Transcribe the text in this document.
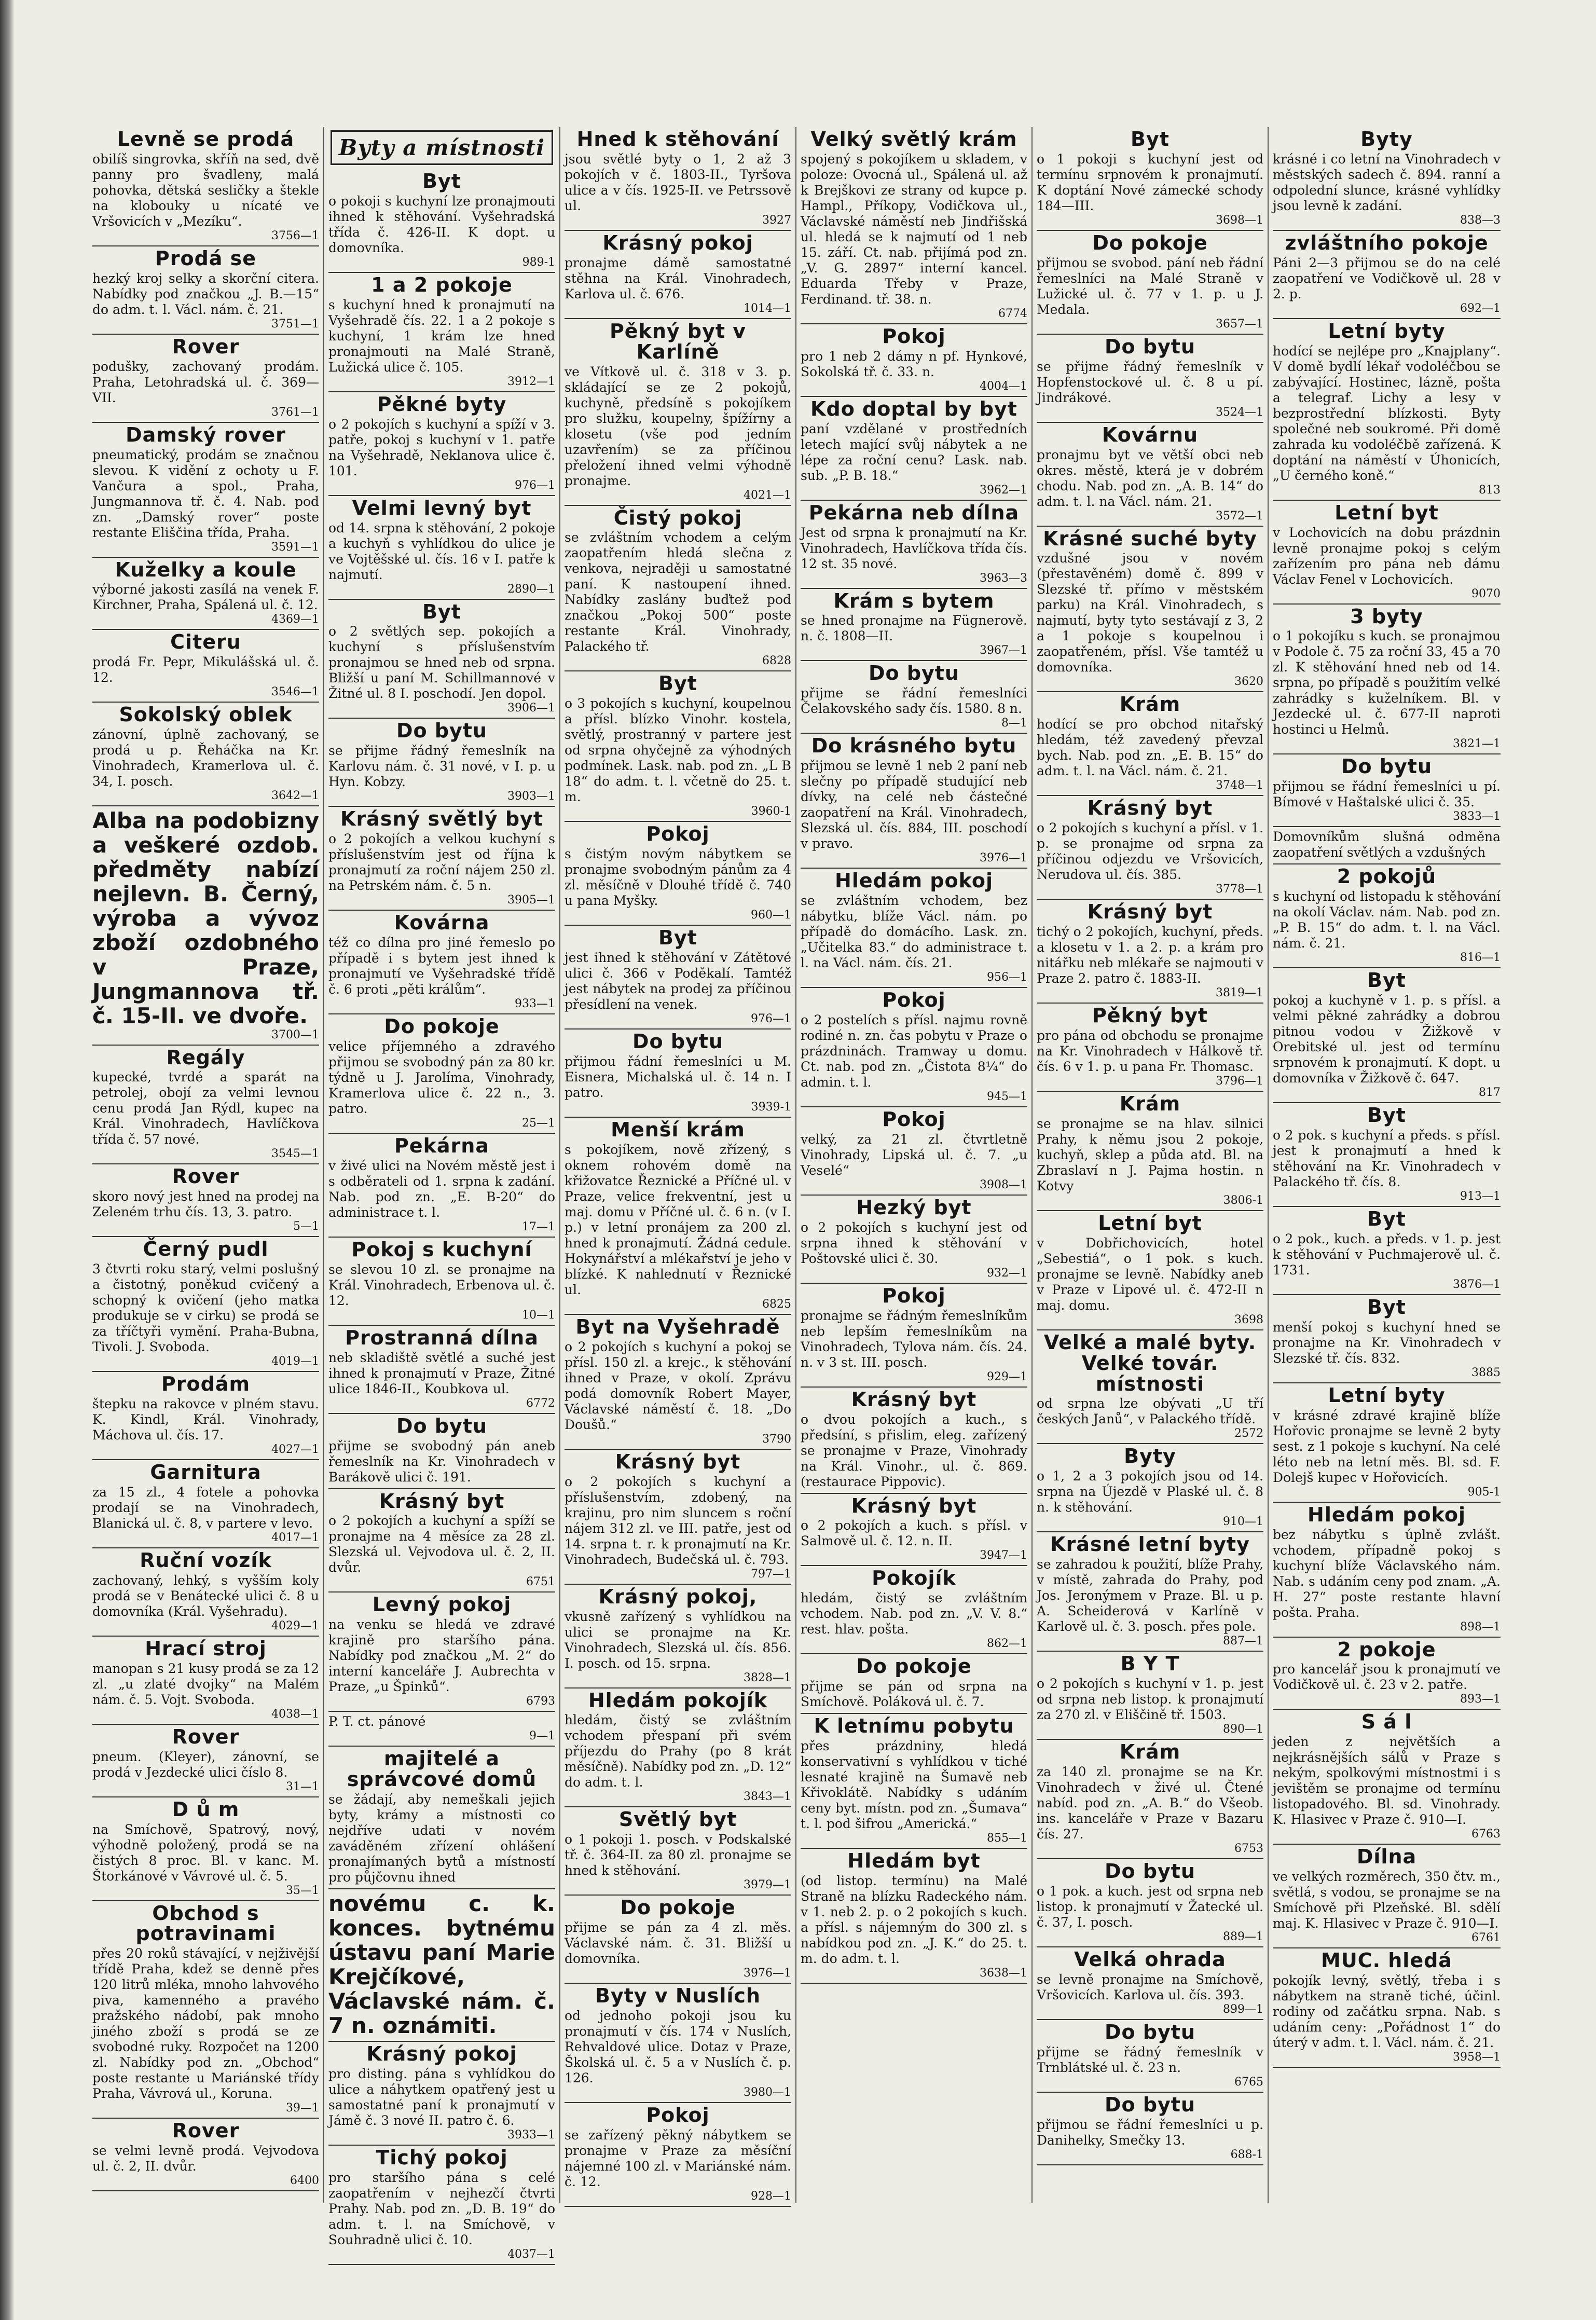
Levně se prodá
obilíš singrovka, skříň na sed, dvě panny pro švadleny, malá pohovka, dětská sesličky a štekle na klobouky u nícaté ve Vršovicích v „Mezíku“.
3756—1
Prodá se
hezký kroj selky a skorční citera. Nabídky pod značkou „J. B.—15“ do adm. t. l. Václ. nám. č. 21.
3751—1
Rover
podušky, zachovaný prodám. Praha, Letohradská ul. č. 369—VII.
3761—1
Damský rover
pneumatický, prodám se značnou slevou. K vidění z ochoty u F. Vančura a spol., Praha, Jungmannova tř. č. 4. Nab. pod zn. „Damský rover“ poste restante Eliščina třída, Praha.
3591—1
Kuželky a koule
výborné jakosti zasílá na venek F. Kirchner, Praha, Spálená ul. č. 12.
4369—1
Citeru
prodá Fr. Pepr, Mikulášská ul. č. 12.
3546—1
Sokolský oblek
zánovní, úplně zachovaný, se prodá u p. Řeháčka na Kr. Vinohradech, Kramerlova ul. č. 34, I. posch.
3642—1
Alba na podobizny a veškeré ozdob. předměty nabízí nejlevn. B. Černý, výroba a vývoz zboží ozdobného v Praze, Jungmannova tř. č. 15-II. ve dvoře.
3700—1
Regály
kupecké, tvrdé a sparát na petrolej, obojí za velmi levnou cenu prodá Jan Rýdl, kupec na Král. Vinohradech, Havlíčkova třída č. 57 nové.
3545—1
Rover
skoro nový jest hned na prodej na Zeleném trhu čís. 13, 3. patro.
5—1
Černý pudl
3 čtvrti roku starý, velmi poslušný a čistotný, poněkud cvičený a schopný k ovičení (jeho matka produkuje se v cirku) se prodá se za tříčtyři vymění. Praha-Bubna, Tivoli. J. Svoboda.
4019—1
Prodám
štepku na rakovce v plném stavu. K. Kindl, Král. Vinohrady, Máchova ul. čís. 17.
4027—1
Garnitura
za 15 zl., 4 fotele a pohovka prodají se na Vinohradech, Blanická ul. č. 8, v partere v levo.
4017—1
Ruční vozík
zachovaný, lehký, s vyšším koly prodá se v Benátecké ulici č. 8 u domovníka (Král. Vyšehradu).
4029—1
Hrací stroj
manopan s 21 kusy prodá se za 12 zl. „u zlaté dvojky“ na Malém nám. č. 5. Vojt. Svoboda.
4038—1
Rover
pneum. (Kleyer), zánovní, se prodá v Jezdecké ulici číslo 8.
31—1
D ů m
na Smíchově, Spatrový, nový, výhodně položený, prodá se na čistých 8 proc. Bl. v kanc. M. Štorkánové v Vávrové ul. č. 5.
35—1
Obchod s potravinami
přes 20 roků stávající, v nejživější třídě Praha, kdež se denně přes 120 litrů mléka, mnoho lahvového piva, kamenného a pravého pražského nádobí, pak mnoho jiného zboží s prodá se ze svobodné ruky. Rozpočet na 1200 zl. Nabídky pod zn. „Obchod“ poste restante u Mariánské třídy Praha, Vávrová ul., Koruna.
39—1
Rover
se velmi levně prodá. Vejvodova ul. č. 2, II. dvůr.
6400
Byty a místnosti
Byt
o pokoji s kuchyní lze pronajmouti ihned k stěhování. Vyšehradská třída č. 426-II. K dopt. u domovníka.
989-1
1 a 2 pokoje
s kuchyní hned k pronajmutí na Vyšehradě čís. 22. 1 a 2 pokoje s kuchyní, 1 krám lze hned pronajmouti na Malé Straně, Lužická ulice č. 105.
3912—1
Pěkné byty
o 2 pokojích s kuchyní a spíží v 3. patře, pokoj s kuchyní v 1. patře na Vyšehradě, Neklanova ulice č. 101.
976—1
Velmi levný byt
od 14. srpna k stěhování, 2 pokoje a kuchyň s vyhlídkou do ulice je ve Vojtěšské ul. čís. 16 v I. patře k najmutí.
2890—1
Byt
o 2 světlých sep. pokojích a kuchyní s příslušenstvím pronajmou se hned neb od srpna. Bližší u paní M. Schillmannové v Žitné ul. 8 I. poschodí. Jen dopol.
3906—1
Do bytu
se přijme řádný řemeslník na Karlovu nám. č. 31 nové, v I. p. u Hyn. Kobzy.
3903—1
Krásný světlý byt
o 2 pokojích a velkou kuchyní s příslušenstvím jest od října k pronajmutí za roční nájem 250 zl. na Petrském nám. č. 5 n.
3905—1
Kovárna
též co dílna pro jiné řemeslo po případě i s bytem jest ihned k pronajmutí ve Vyšehradské třídě č. 6 proti „pěti králům“.
933—1
Do pokoje
velice příjemného a zdravého přijmou se svobodný pán za 80 kr. týdně u J. Jarolíma, Vinohrady, Kramerlova ulice č. 22 n., 3. patro.
25—1
Pekárna
v živé ulici na Novém městě jest i s odběrateli od 1. srpna k zadání. Nab. pod zn. „E. B-20“ do administrace t. l.
17—1
Pokoj s kuchyní
se slevou 10 zl. se pronajme na Král. Vinohradech, Erbenova ul. č. 12.
10—1
Prostranná dílna
neb skladiště světlé a suché jest ihned k pronajmutí v Praze, Žitné ulice 1846-II., Koubkova ul.
6772
Do bytu
přijme se svobodný pán aneb řemeslník na Kr. Vinohradech v Barákově ulici č. 191.
Krásný byt
o 2 pokojích a kuchyní a spíží se pronajme na 4 měsíce za 28 zl. Slezská ul. Vejvodova ul. č. 2, II. dvůr.
6751
Levný pokoj
na venku se hledá ve zdravé krajině pro staršího pána. Nabídky pod značkou „M. 2“ do interní kanceláře J. Aubrechta v Praze, „u Špinků“.
6793
P. T. ct. pánové
9—1
majitelé a správcové domů
se žádají, aby nemeškali jejich byty, krámy a místnosti co nejdříve udati v novém zaváděném zřízení ohlášení pronajímaných bytů a místností pro půjčovnu ihned
novému c. k. konces. bytnému ústavu paní Marie Krejčíkové, Václavské nám. č. 7 n. oznámiti.
Krásný pokoj
pro disting. pána s vyhlídkou do ulice a náhytkem opatřený jest u samostatné paní k pronajmutí v Jámě č. 3 nové II. patro č. 6.
3933—1
Tichý pokoj
pro staršího pána s celé zaopatřením v nejhezčí čtvrti Prahy. Nab. pod zn. „D. B. 19“ do adm. t. l. na Smíchově, v Souhradně ulici č. 10.
4037—1
Hned k stěhování
jsou světlé byty o 1, 2 až 3 pokojích v č. 1803-II., Tyršova ulice a v čís. 1925-II. ve Petrssově ul.
3927
Krásný pokoj
pronajme dámě samostatné stěhna na Král. Vinohradech, Karlova ul. č. 676.
1014—1
Pěkný byt v Karlíně
ve Vítkově ul. č. 318 v 3. p. skládající se ze 2 pokojů, kuchyně, předsíně s pokojíkem pro služku, koupelny, špížírny a klosetu (vše pod jedním uzavřením) se za příčinou přeložení ihned velmi výhodně pronajme.
4021—1
Čistý pokoj
se zvláštním vchodem a celým zaopatřením hledá slečna z venkova, nejraději u samostatné paní. K nastoupení ihned. Nabídky zaslány buďtež pod značkou „Pokoj 500“ poste restante Král. Vinohrady, Palackého tř.
6828
Byt
o 3 pokojích s kuchyní, koupelnou a přísl. blízko Vinohr. kostela, světlý, prostranný v partere jest od srpna ohyčejně za výhodných podmínek. Lask. nab. pod zn. „L B 18“ do adm. t. l. včetně do 25. t. m.
3960-1
Pokoj
s čistým novým nábytkem se pronajme svobodným pánům za 4 zl. měsíčně v Dlouhé třídě č. 740 u pana Myšky.
960—1
Byt
jest ihned k stěhování v Zátětové ulici č. 366 v Poděkalí. Tamtéž jest nábytek na prodej za příčinou přesídlení na venek.
976—1
Do bytu
přijmou řádní řemeslníci u M. Eisnera, Michalská ul. č. 14 n. I patro.
3939-1
Menší krám
s pokojíkem, nově zřízený, s oknem rohovém domě na křižovatce Řeznické a Příčné ul. v Praze, velice frekventní, jest u maj. domu v Příčné ul. č. 6 n. (v I. p.) v letní pronájem za 200 zl. hned k pronajmutí. Žádná cedule. Hokynářství a mlékařství je jeho v blízké. K nahlednutí v Řeznické ul.
6825
Byt na Vyšehradě
o 2 pokojích s kuchyní a pokoj se přísl. 150 zl. a krejc., k stěhování ihned v Praze, v okolí. Zprávu podá domovník Robert Mayer, Václavské náměstí č. 18. „Do Doušů.“
3790
Krásný byt
o 2 pokojích s kuchyní a příslušenstvím, zdobený, na krajinu, pro nim sluncem s roční nájem 312 zl. ve III. patře, jest od 14. srpna t. r. k pronajmutí na Kr. Vinohradech, Budečská ul. č. 793.
797—1
Krásný pokoj,
vkusně zařízený s vyhlídkou na ulici se pronajme na Kr. Vinohradech, Slezská ul. čís. 856. I. posch. od 15. srpna.
3828—1
Hledám pokojík
hledám, čistý se zvláštním vchodem přespaní při svém příjezdu do Prahy (po 8 krát měsíčně). Nabídky pod zn. „D. 12“ do adm. t. l.
3843—1
Světlý byt
o 1 pokoji 1. posch. v Podskalské tř. č. 364-II. za 80 zl. pronajme se hned k stěhování.
3979—1
Do pokoje
přijme se pán za 4 zl. měs. Václavské nám. č. 31. Bližší u domovníka.
3976—1
Byty v Nuslích
od jednoho pokoji jsou ku pronajmutí v čís. 174 v Nuslích, Rehvaldové ulice. Dotaz v Praze, Školská ul. č. 5 a v Nuslích č. p. 126.
3980—1
Pokoj
se zařízený pěkný nábytkem se pronajme v Praze za měsíční nájemné 100 zl. v Mariánské nám. č. 12.
928—1
Velký světlý krám
spojený s pokojíkem u skladem, v poloze: Ovocná ul., Spálená ul. až k Brejškovi ze strany od kupce p. Hampl., Příkopy, Vodičkova ul., Václavské náměstí neb Jindřišská ul. hledá se k najmutí od 1 neb 15. září. Ct. nab. přijímá pod zn. „V. G. 2897“ interní kancel. Eduarda Třeby v Praze, Ferdinand. tř. 38. n.
6774
Pokoj
pro 1 neb 2 dámy n pf. Hynkové, Sokolská tř. č. 33. n.
4004—1
Kdo doptal by byt
paní vzdělané v prostředních letech mající svůj nábytek a ne lépe za roční cenu? Lask. nab. sub. „P. B. 18.“
3962—1
Pekárna neb dílna
Jest od srpna k pronajmutí na Kr. Vinohradech, Havlíčkova třída čís. 12 st. 35 nové.
3963—3
Krám s bytem
se hned pronajme na Fügnerově. n. č. 1808—II.
3967—1
Do bytu
přijme se řádní řemeslníci Čelakovského sady čís. 1580. 8 n.
8—1
Do krásného bytu
přijmou se levně 1 neb 2 paní neb slečny po případě studující neb dívky, na celé neb částečné zaopatření na Král. Vinohradech, Slezská ul. čís. 884, III. poschodí v pravo.
3976—1
Hledám pokoj
se zvláštním vchodem, bez nábytku, blíže Václ. nám. po případě do domácího. Lask. zn. „Učitelka 83.“ do administrace t. l. na Václ. nám. čís. 21.
956—1
Pokoj
o 2 postelích s přísl. najmu rovně rodiné n. zn. čas pobytu v Praze o prázdninách. Tramway u domu. Ct. nab. pod zn. „Čistota 8¼“ do admin. t. l.
945—1
Pokoj
velký, za 21 zl. čtvrtletně Vinohrady, Lipská ul. č. 7. „u Veselé“
3908—1
Hezký byt
o 2 pokojích s kuchyní jest od srpna ihned k stěhování v Poštovské ulici č. 30.
932—1
Pokoj
pronajme se řádným řemeslníkům neb lepším řemeslníkům na Vinohradech, Tylova nám. čís. 24. n. v 3 st. III. posch.
929—1
Krásný byt
o dvou pokojích a kuch., s předsíní, s přislim, eleg. zařízený se pronajme v Praze, Vinohrady na Král. Vinohr., ul. č. 869. (restaurace Pippovic).
Krásný byt
o 2 pokojích a kuch. s přísl. v Salmově ul. č. 12. n. II.
3947—1
Pokojík
hledám, čistý se zvláštním vchodem. Nab. pod zn. „V. V. 8.“ rest. hlav. pošta.
862—1
Do pokoje
přijme se pán od srpna na Smíchově. Poláková ul. č. 7.
K letnímu pobytu
přes prázdniny, hledá konservativní s vyhlídkou v tiché lesnaté krajině na Šumavě neb Křivoklátě. Nabídky s udáním ceny byt. místn. pod zn. „Šumava“ t. l. pod šifrou „Americká.“
855—1
Hledám byt
(od listop. termínu) na Malé Straně na blízku Radeckého nám. v 1. neb 2. p. o 2 pokojích s kuch. a přísl. s nájemným do 300 zl. s nabídkou pod zn. „J. K.“ do 25. t. m. do adm. t. l.
3638—1
Byt
o 1 pokoji s kuchyní jest od termínu srpnovém k pronajmutí. K doptání Nové zámecké schody 184—III.
3698—1
Do pokoje
přijmou se svobod. pání neb řádní řemeslníci na Malé Straně v Lužické ul. č. 77 v 1. p. u J. Medala.
3657—1
Do bytu
se přijme řádný řemeslník v Hopfenstockové ul. č. 8 u pí. Jindrákové.
3524—1
Kovárnu
pronajmu byt ve větší obci neb okres. městě, která je v dobrém chodu. Nab. pod zn. „A. B. 14“ do adm. t. l. na Václ. nám. 21.
3572—1
Krásné suché byty
vzdušné jsou v novém (přestavěném) domě č. 899 v Slezské tř. přímo v městském parku) na Král. Vinohradech, s najmutí, byty tyto sestávají z 3, 2 a 1 pokoje s koupelnou i zaopatřeném, přísl. Vše tamtéž u domovníka.
3620
Krám
hodící se pro obchod nitařský hledám, též zavedený převzal bych. Nab. pod zn. „E. B. 15“ do adm. t. l. na Václ. nám. č. 21.
3748—1
Krásný byt
o 2 pokojích s kuchyní a přísl. v 1. p. se pronajme od srpna za příčinou odjezdu ve Vršovicích, Nerudova ul. čís. 385.
3778—1
Krásný byt
tichý o 2 pokojích, kuchyní, předs. a klosetu v 1. a 2. p. a krám pro nitářku neb mlékaře se najmouti v Praze 2. patro č. 1883-II.
3819—1
Pěkný byt
pro pána od obchodu se pronajme na Kr. Vinohradech v Hálkově tř. čís. 6 v 1. p. u pana Fr. Thomasc.
3796—1
Krám
se pronajme se na hlav. silnici Prahy, k němu jsou 2 pokoje, kuchyň, sklep a půda atd. Bl. na Zbraslaví n J. Pajma hostin. n Kotvy
3806-1
Letní byt
v Dobřichovicích, hotel „Sebestiá“, o 1 pok. s kuch. pronajme se levně. Nabídky aneb v Praze v Lipové ul. č. 472-II n maj. domu.
3698
Velké a malé byty. Velké továr. místnosti
od srpna lze obývati „U tří českých Janů“, v Palackého třídě.
2572
Byty
o 1, 2 a 3 pokojích jsou od 14. srpna na Újezdě v Plaské ul. č. 8 n. k stěhování.
910—1
Krásné letní byty
se zahradou k použití, blíže Prahy, v místě, zahrada do Prahy, pod Jos. Jeronýmem v Praze. Bl. u p. A. Scheiderová v Karlíně v Karlově ul. č. 3. posch. přes pole.
887—1
B Y T
o 2 pokojích s kuchyní v 1. p. jest od srpna neb listop. k pronajmutí za 270 zl. v Eliščině tř. 1503.
890—1
Krám
za 140 zl. pronajme se na Kr. Vinohradech v živé ul. Čtené nabíd. pod zn. „A. B.“ do Všeob. ins. kanceláře v Praze v Bazaru čís. 27.
6753
Do bytu
o 1 pok. a kuch. jest od srpna neb listop. k pronajmutí v Žatecké ul. č. 37, I. posch.
889—1
Velká ohrada
se levně pronajme na Smíchově, Vršovicích. Karlova ul. čís. 393.
899—1
Do bytu
přijme se řádný řemeslník v Trnblátské ul. č. 23 n.
6765
Do bytu
přijmou se řádní řemeslníci u p. Danihelky, Smečky 13.
688-1
Byty
krásné i co letní na Vinohradech v městských sadech č. 894. ranní a odpolední slunce, krásné vyhlídky jsou levně k zadání.
838—3
zvláštního pokoje
Páni 2—3 přijmou se do na celé zaopatření ve Vodičkově ul. 28 v 2. p.
692—1
Letní byty
hodící se nejlépe pro „Knajplany“. V domě bydlí lékař vodoléčbou se zabývající. Hostinec, lázně, pošta a telegraf. Lichy a lesy v bezprostřední blízkosti. Byty společné neb soukromé. Při domě zahrada ku vodoléčbě zařízená. K doptání na náměstí v Úhonicích, „U černého koně.“
813
Letní byt
v Lochovicích na dobu prázdnin levně pronajme pokoj s celým zařízením pro pána neb dámu Václav Fenel v Lochovicích.
9070
3 byty
o 1 pokojíku s kuch. se pronajmou v Podole č. 75 za roční 33, 45 a 70 zl. K stěhování hned neb od 14. srpna, po případě s použitím velké zahrádky s kuželníkem. Bl. v Jezdecké ul. č. 677-II naproti hostinci u Helmů.
3821—1
Do bytu
přijmou se řádní řemeslníci u pí. Bímové v Haštalské ulici č. 35.
3833—1
Domovníkům slušná odměna zaopatření světlých a vzdušných
2 pokojů
s kuchyní od listopadu k stěhování na okolí Václav. nám. Nab. pod zn. „P. B. 15“ do adm. t. l. na Václ. nám. č. 21.
816—1
Byt
pokoj a kuchyně v 1. p. s přísl. a velmi pěkné zahrádky a dobrou pitnou vodou v Žižkově v Orebitské ul. jest od termínu srpnovém k pronajmutí. K dopt. u domovníka v Žižkově č. 647.
817
Byt
o 2 pok. s kuchyní a předs. s přísl. jest k pronajmutí a hned k stěhování na Kr. Vinohradech v Palackého tř. čís. 8.
913—1
Byt
o 2 pok., kuch. a předs. v 1. p. jest k stěhování v Puchmajerově ul. č. 1731.
3876—1
Byt
menší pokoj s kuchyní hned se pronajme na Kr. Vinohradech v Slezské tř. čís. 832.
3885
Letní byty
v krásné zdravé krajině blíže Hořovic pronajme se levně 2 byty sest. z 1 pokoje s kuchyní. Na celé léto neb na letní měs. Bl. sd. F. Dolejš kupec v Hořovicích.
905-1
Hledám pokoj
bez nábytku s úplně zvlášt. vchodem, případně pokoj s kuchyní blíže Václavského nám. Nab. s udáním ceny pod znam. „A. H. 27“ poste restante hlavní pošta. Praha.
898—1
2 pokoje
pro kancelář jsou k pronajmutí ve Vodičkově ul. č. 23 v 2. patře.
893—1
S á l
jeden z největších a nejkrásnějších sálů v Praze s nekým, spolkovými místnostmi i s jevištěm se pronajme od termínu listopadového. Bl. sd. Vinohrady. K. Hlasivec v Praze č. 910—I.
6763
Dílna
ve velkých rozměrech, 350 čtv. m., světlá, s vodou, se pronajme se na Smíchově při Plzeňské. Bl. sdělí maj. K. Hlasivec v Praze č. 910—I.
6761
MUC. hledá
pokojík levný, světlý, třeba i s nábytkem na straně tiché, účinl. rodiny od začátku srpna. Nab. s udáním ceny: „Pořádnost 1“ do úterý v adm. t. l. Václ. nám. č. 21.
3958—1
